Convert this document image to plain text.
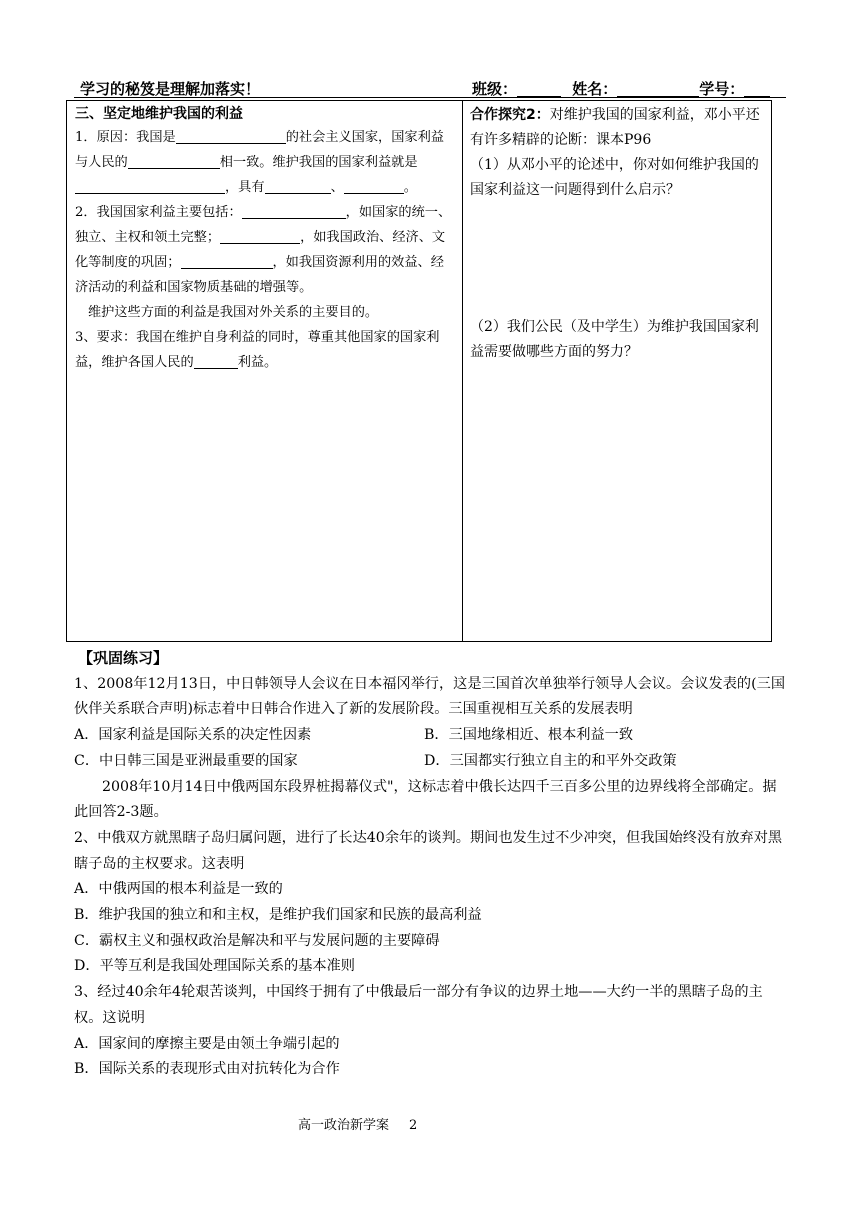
学习的秘笈是理解加落实！	班级：	姓名：	学号：
三、坚定地维护我国的利益

1．原因：我国是	的社会主义国家，国家利益与人民的	相一致。维护我国的国家利益就是，具有	、	。

2．我国国家利益主要包括：	，如国家的统一、独立、主权和领土完整；	，如我国政治、经济、文化等制度的巩固；	，如我国资源利用的效益、经济活动的利益和国家物质基础的增强等。

维护这些方面的利益是我国对外关系的主要目的。

3、要求：我国在维护自身利益的同时，尊重其他国家的国家利益，维护各国人民的	利益。

合作探究2：对维护我国的国家利益，邓小平还有许多精辟的论断：课本P96

（1）从邓小平的论述中，你对如何维护我国的国家利益这一问题得到什么启示？

（2）我们公民（及中学生）为维护我国国家利益需要做哪些方面的努力？

【巩固练习】

1、2008年12月13日，中日韩领导人会议在日本福冈举行，这是三国首次单独举行领导人会议。会议发表的(三国伙伴关系联合声明)标志着中日韩合作进入了新的发展阶段。三国重视相互关系的发展表明

A．国家利益是国际关系的决定性因素	B．三国地缘相近、根本利益一致
C．中日韩三国是亚洲最重要的国家	D．三国都实行独立自主的和平外交政策

2008年10月14日中俄两国东段界桩揭幕仪式"，这标志着中俄长达四千三百多公里的边界线将全部确定。据此回答2-3题。

2、中俄双方就黑瞎子岛归属问题，进行了长达40余年的谈判。期间也发生过不少冲突，但我国始终没有放弃对黑瞎子岛的主权要求。这表明

A．中俄两国的根本利益是一致的

B．维护我国的独立和和主权，是维护我们国家和民族的最高利益

C．霸权主义和强权政治是解决和平与发展问题的主要障碍

D．平等互利是我国处理国际关系的基本准则

3、经过40余年4轮艰苦谈判，中国终于拥有了中俄最后一部分有争议的边界土地——大约一半的黑瞎子岛的主权。这说明

A．国家间的摩擦主要是由领土争端引起的

B．国际关系的表现形式由对抗转化为合作

高一政治新学案 2
